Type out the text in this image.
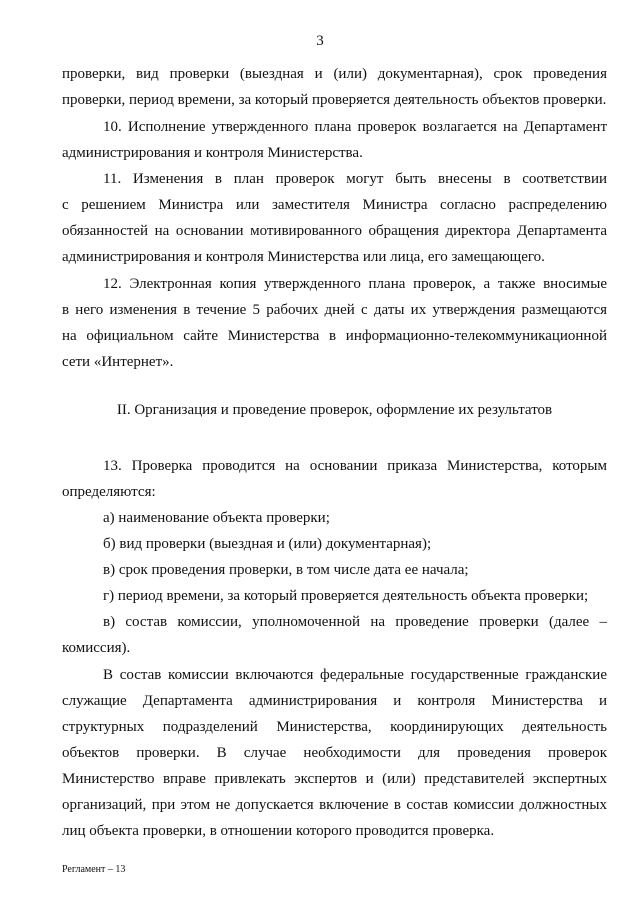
3
проверки, вид проверки (выездная и (или) документарная), срок проведения
проверки, период времени, за который проверяется деятельность объектов проверки.
10. Исполнение утвержденного плана проверок возлагается на Департамент
администрирования и контроля Министерства.
11. Изменения в план проверок могут быть внесены в соответствии
с решением Министра или заместителя Министра согласно распределению
обязанностей на основании мотивированного обращения директора Департамента
администрирования и контроля Министерства или лица, его замещающего.
12. Электронная копия утвержденного плана проверок, а также вносимые
в него изменения в течение 5 рабочих дней с даты их утверждения размещаются
на официальном сайте Министерства в информационно-телекоммуникационной
сети «Интернет».
II. Организация и проведение проверок, оформление их результатов
13. Проверка проводится на основании приказа Министерства, которым
определяются:
а) наименование объекта проверки;
б) вид проверки (выездная и (или) документарная);
в) срок проведения проверки, в том числе дата ее начала;
г) период времени, за который проверяется деятельность объекта проверки;
в) состав комиссии, уполномоченной на проведение проверки (далее –
комиссия).
В состав комиссии включаются федеральные государственные гражданские
служащие Департамента администрирования и контроля Министерства и
структурных подразделений Министерства, координирующих деятельность
объектов проверки. В случае необходимости для проведения проверок
Министерство вправе привлекать экспертов и (или) представителей экспертных
организаций, при этом не допускается включение в состав комиссии должностных
лиц объекта проверки, в отношении которого проводится проверка.
Регламент – 13
